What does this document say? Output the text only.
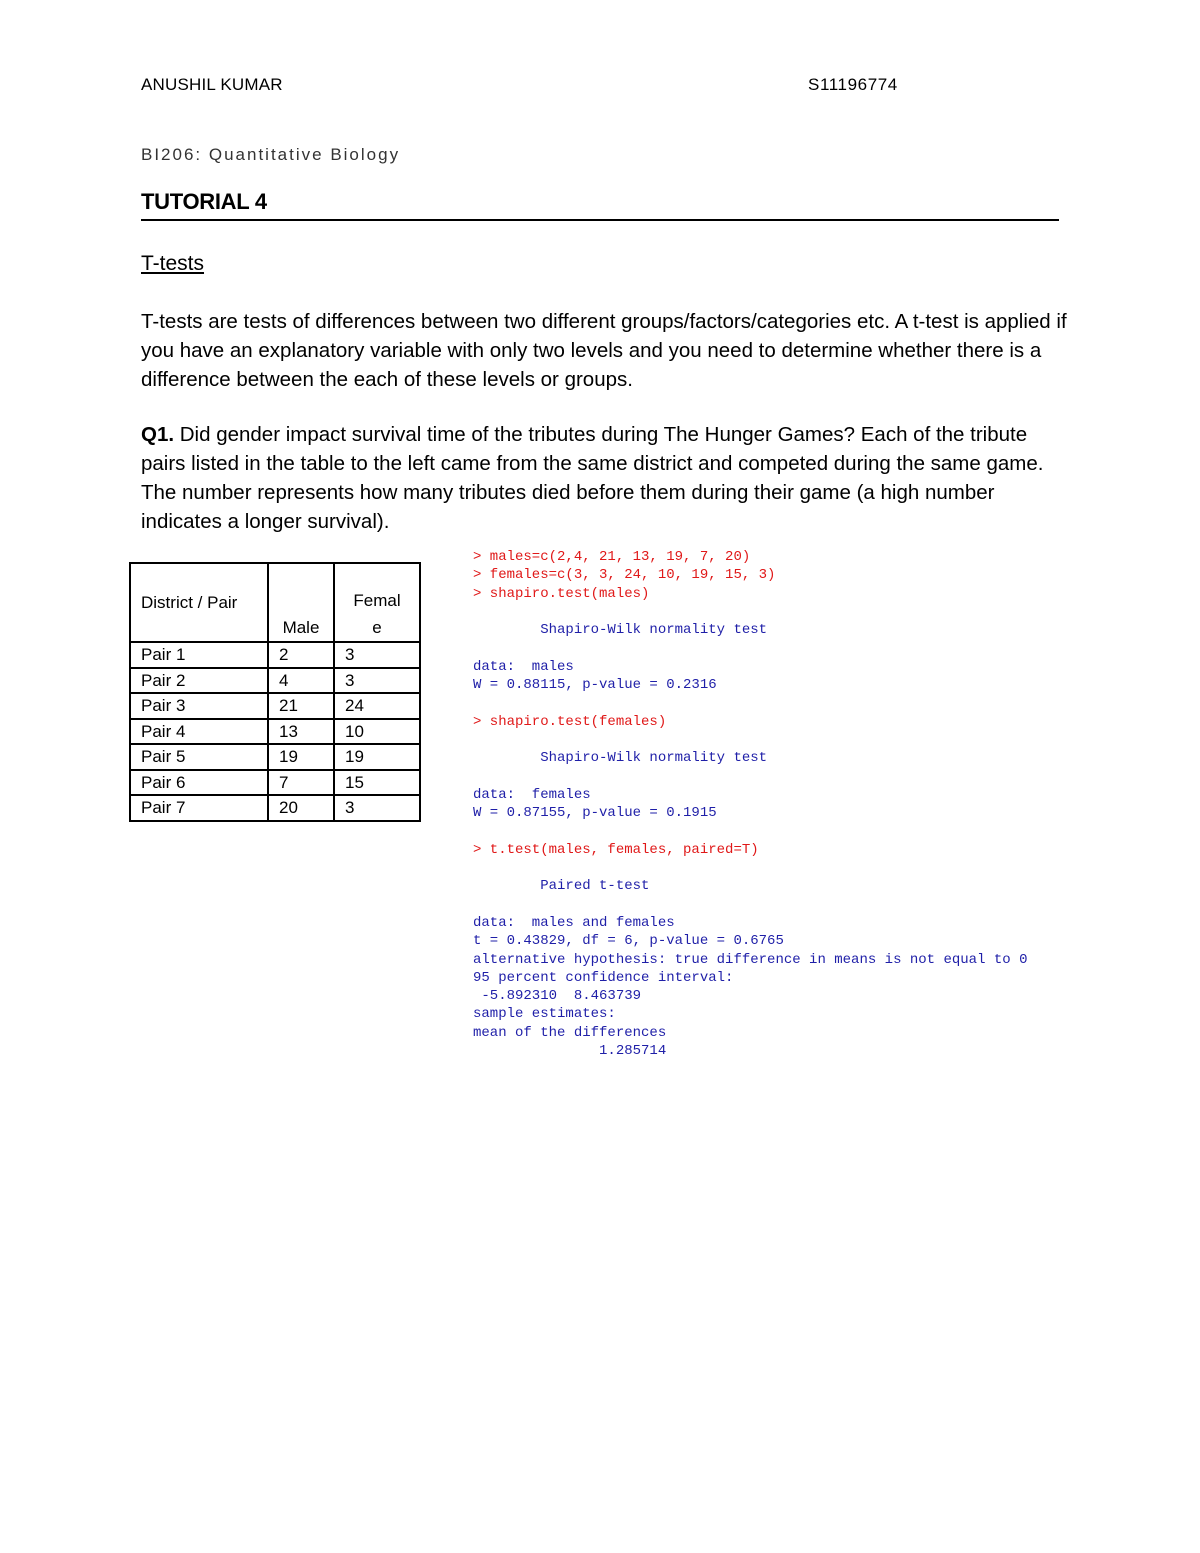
ANUSHIL KUMAR	S11196774
BI206: Quantitative Biology
TUTORIAL 4
T-tests
T-tests are tests of differences between two different groups/factors/categories etc. A t-test is applied if you have an explanatory variable with only two levels and you need to determine whether there is a difference between the each of these levels or groups.
Q1. Did gender impact survival time of the tributes during The Hunger Games? Each of the tribute pairs listed in the table to the left came from the same district and competed during the same game. The number represents how many tributes died before them during their game (a high number indicates a longer survival).
District / Pair	Male	Female
Pair 1	2	3
Pair 2	4	3
Pair 3	21	24
Pair 4	13	10
Pair 5	19	19
Pair 6	7	15
Pair 7	20	3
> males=c(2,4, 21, 13, 19, 7, 20)
> females=c(3, 3, 24, 10, 19, 15, 3)
> shapiro.test(males)
Shapiro-Wilk normality test
data:  males
W = 0.88115, p-value = 0.2316
> shapiro.test(females)
Shapiro-Wilk normality test
data:  females
W = 0.87155, p-value = 0.1915
> t.test(males, females, paired=T)
Paired t-test
data:  males and females
t = 0.43829, df = 6, p-value = 0.6765
alternative hypothesis: true difference in means is not equal to 0
95 percent confidence interval:
-5.892310  8.463739
sample estimates:
mean of the differences
1.285714
